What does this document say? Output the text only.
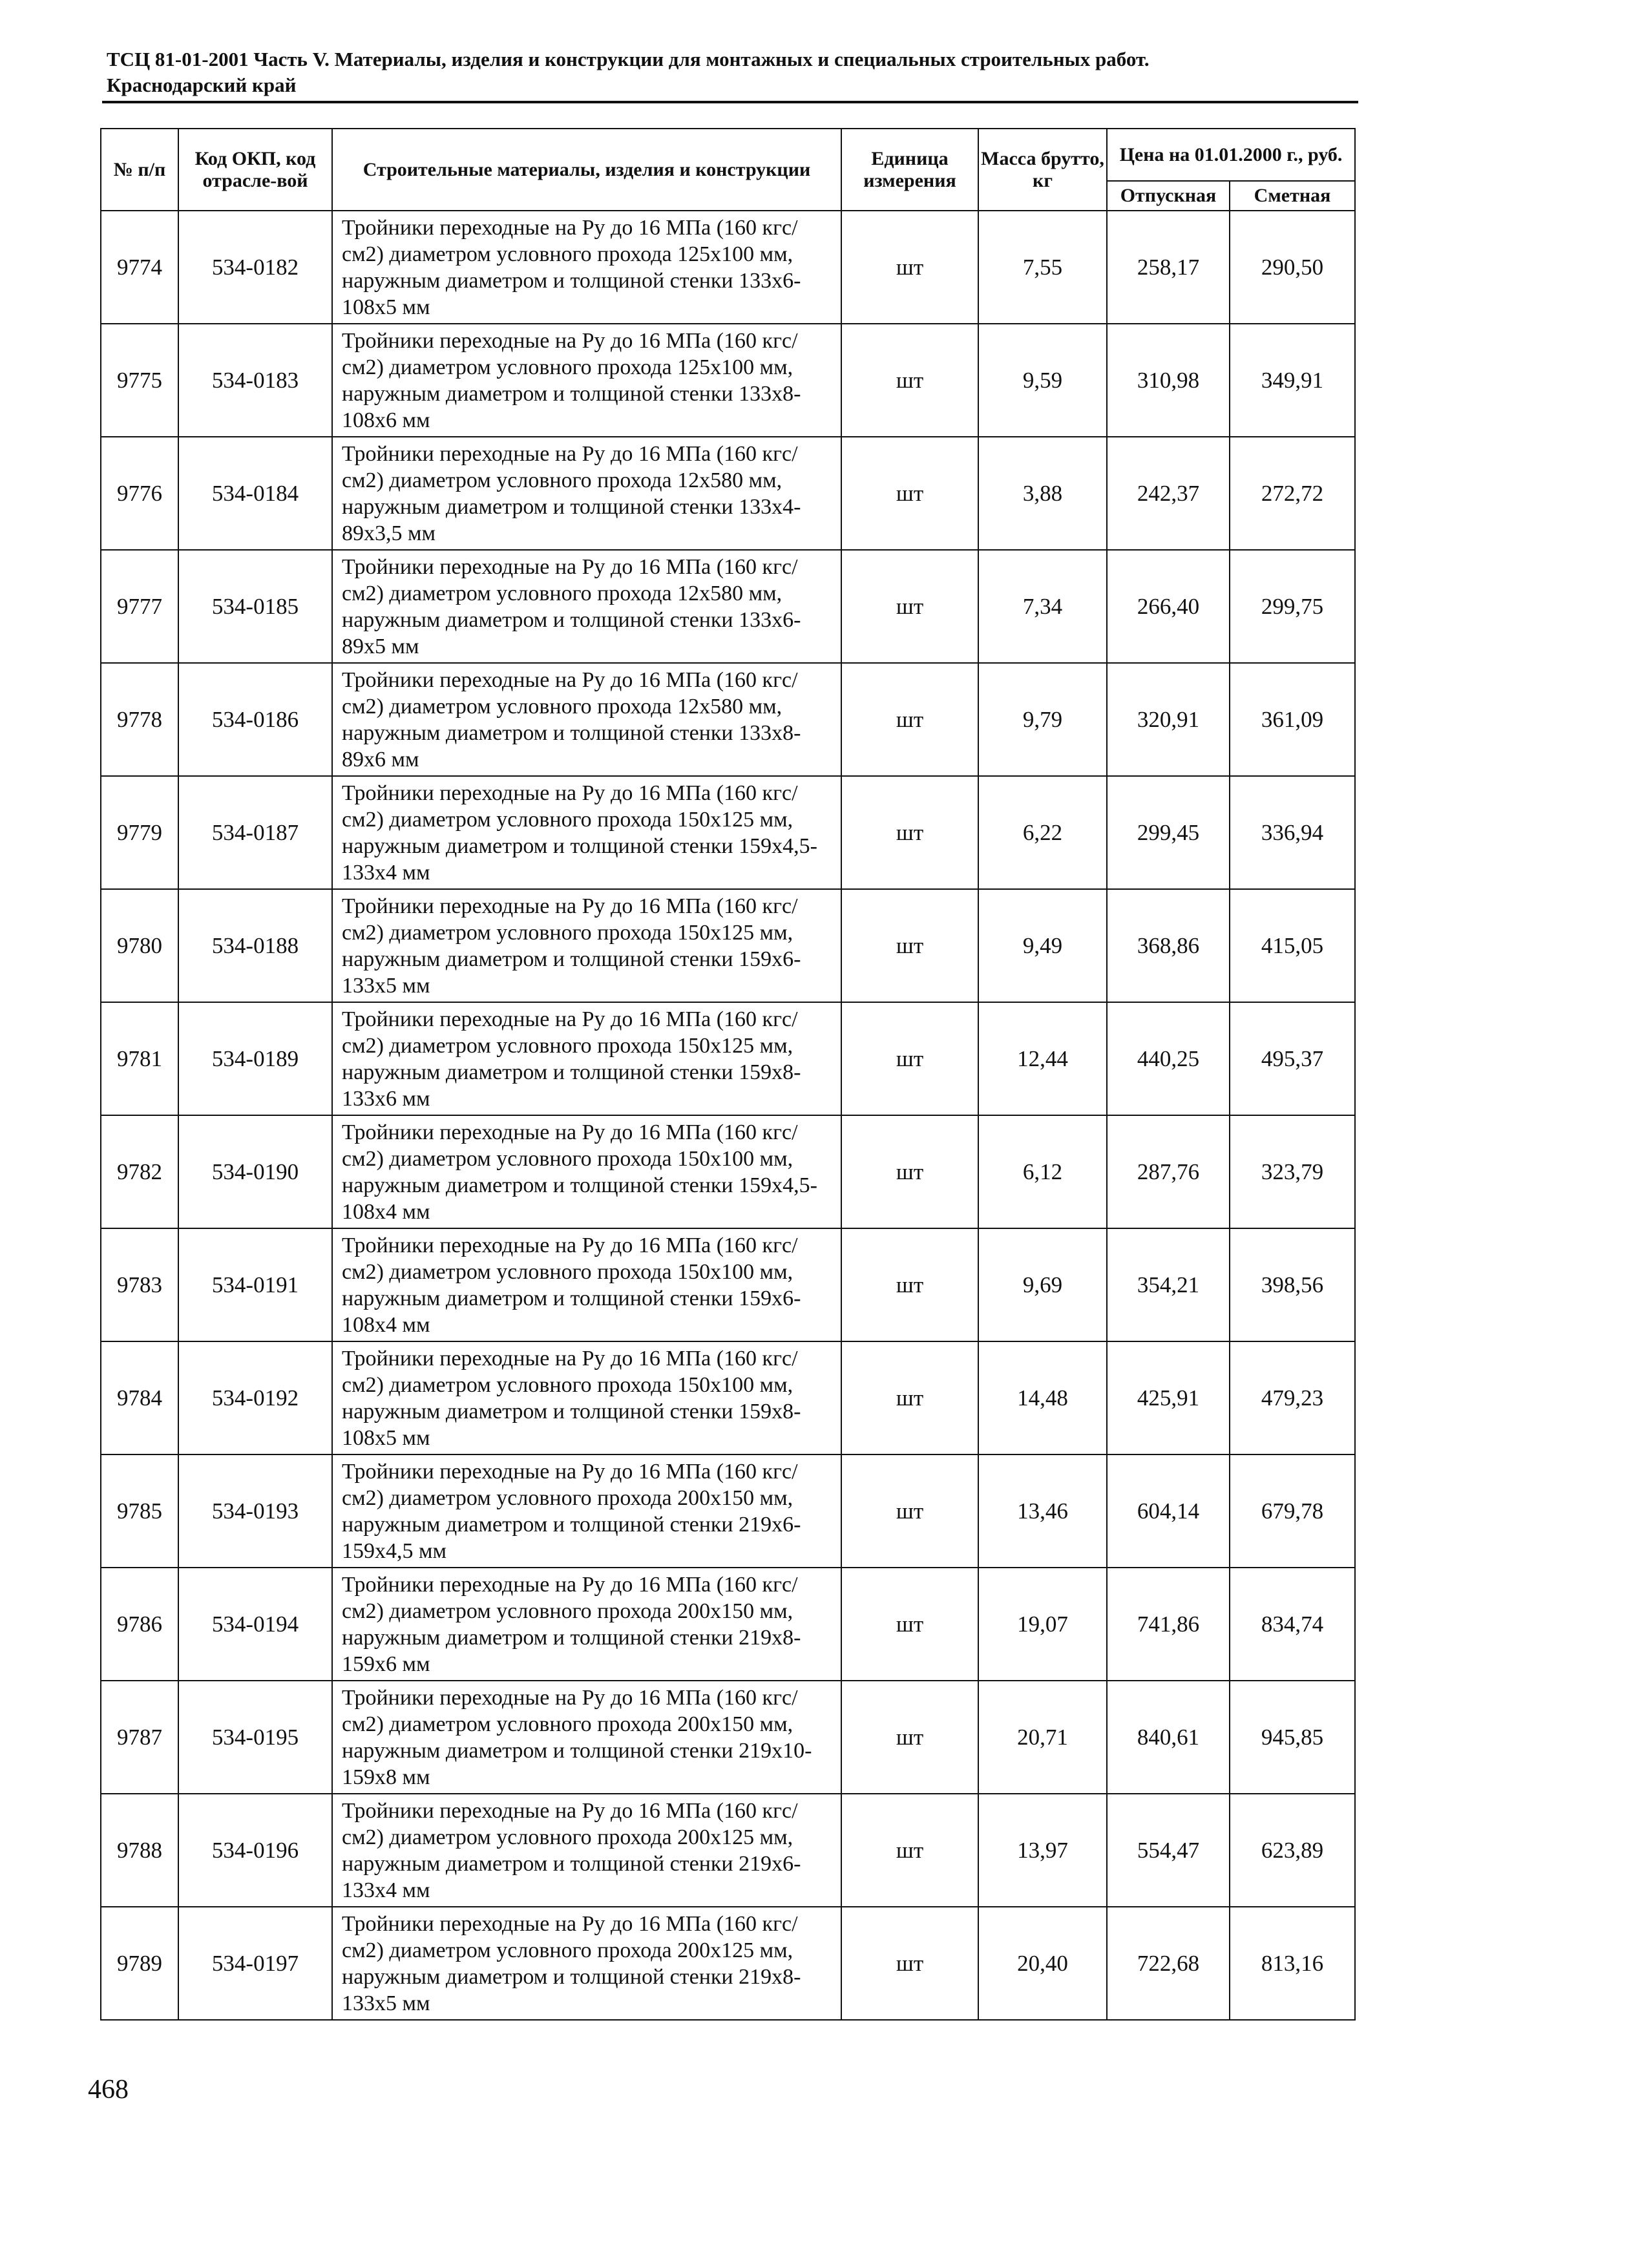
ТСЦ 81-01-2001 Часть V. Материалы, изделия и конструкции для монтажных и специальных строительных работ.
Краснодарский край
№ п/п	Код ОКП, код отрасле-вой	Строительные материалы, изделия и конструкции	Единица измерения	Масса брутто, кг	Цена на 01.01.2000 г., руб.	
					Отпускная	Сметная
9774	534-0182	Тройники переходные на Ру до 16 МПа (160 кгс/см2) диаметром условного прохода 125х100 мм, наружным диаметром и толщиной стенки 133х6-108х5 мм	шт	7,55	258,17	290,50
9775	534-0183	Тройники переходные на Ру до 16 МПа (160 кгс/см2) диаметром условного прохода 125х100 мм, наружным диаметром и толщиной стенки 133х8-108х6 мм	шт	9,59	310,98	349,91
9776	534-0184	Тройники переходные на Ру до 16 МПа (160 кгс/см2) диаметром условного прохода 12х580 мм, наружным диаметром и толщиной стенки 133х4-89х3,5 мм	шт	3,88	242,37	272,72
9777	534-0185	Тройники переходные на Ру до 16 МПа (160 кгс/см2) диаметром условного прохода 12х580 мм, наружным диаметром и толщиной стенки 133х6-89х5 мм	шт	7,34	266,40	299,75
9778	534-0186	Тройники переходные на Ру до 16 МПа (160 кгс/см2) диаметром условного прохода 12х580 мм, наружным диаметром и толщиной стенки 133х8-89х6 мм	шт	9,79	320,91	361,09
9779	534-0187	Тройники переходные на Ру до 16 МПа (160 кгс/см2) диаметром условного прохода 150х125 мм, наружным диаметром и толщиной стенки 159х4,5-133х4 мм	шт	6,22	299,45	336,94
9780	534-0188	Тройники переходные на Ру до 16 МПа (160 кгс/см2) диаметром условного прохода 150х125 мм, наружным диаметром и толщиной стенки 159х6-133х5 мм	шт	9,49	368,86	415,05
9781	534-0189	Тройники переходные на Ру до 16 МПа (160 кгс/см2) диаметром условного прохода 150х125 мм, наружным диаметром и толщиной стенки 159х8-133х6 мм	шт	12,44	440,25	495,37
9782	534-0190	Тройники переходные на Ру до 16 МПа (160 кгс/см2) диаметром условного прохода 150х100 мм, наружным диаметром и толщиной стенки 159х4,5-108х4 мм	шт	6,12	287,76	323,79
9783	534-0191	Тройники переходные на Ру до 16 МПа (160 кгс/см2) диаметром условного прохода 150х100 мм, наружным диаметром и толщиной стенки 159х6-108х4 мм	шт	9,69	354,21	398,56
9784	534-0192	Тройники переходные на Ру до 16 МПа (160 кгс/см2) диаметром условного прохода 150х100 мм, наружным диаметром и толщиной стенки 159х8-108х5 мм	шт	14,48	425,91	479,23
9785	534-0193	Тройники переходные на Ру до 16 МПа (160 кгс/см2) диаметром условного прохода 200х150 мм, наружным диаметром и толщиной стенки 219х6-159х4,5 мм	шт	13,46	604,14	679,78
9786	534-0194	Тройники переходные на Ру до 16 МПа (160 кгс/см2) диаметром условного прохода 200х150 мм, наружным диаметром и толщиной стенки 219х8-159х6 мм	шт	19,07	741,86	834,74
9787	534-0195	Тройники переходные на Ру до 16 МПа (160 кгс/см2) диаметром условного прохода 200х150 мм, наружным диаметром и толщиной стенки 219х10-159х8 мм	шт	20,71	840,61	945,85
9788	534-0196	Тройники переходные на Ру до 16 МПа (160 кгс/см2) диаметром условного прохода 200х125 мм, наружным диаметром и толщиной стенки 219х6-133х4 мм	шт	13,97	554,47	623,89
9789	534-0197	Тройники переходные на Ру до 16 МПа (160 кгс/см2) диаметром условного прохода 200х125 мм, наружным диаметром и толщиной стенки 219х8-133х5 мм	шт	20,40	722,68	813,16
468
